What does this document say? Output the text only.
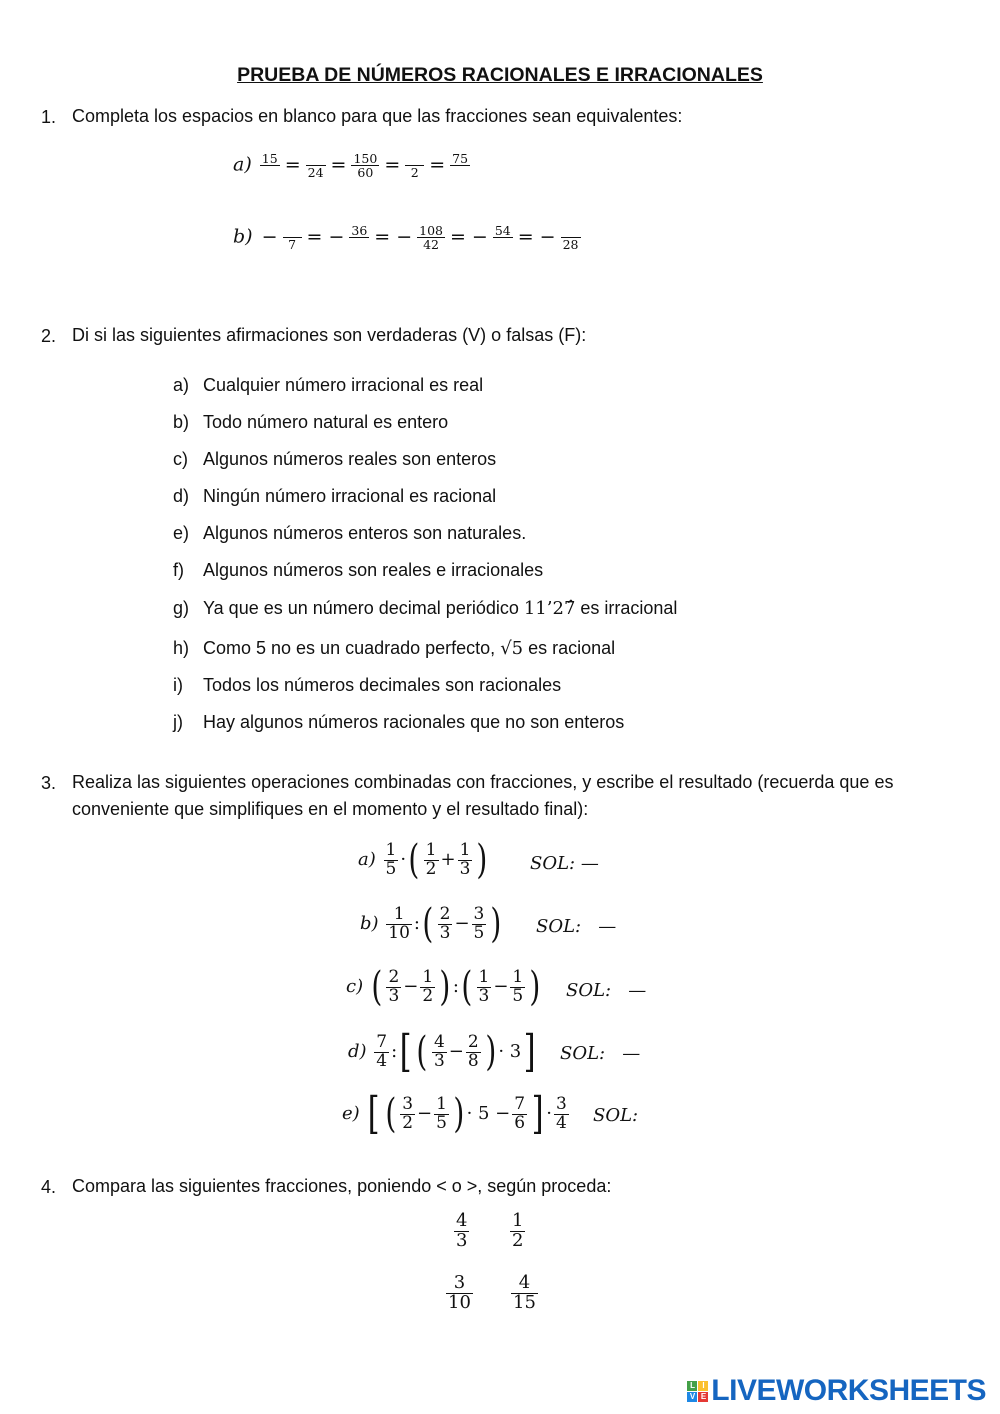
PRUEBA DE NÚMEROS RACIONALES E IRRACIONALES
1. Completa los espacios en blanco para que las fracciones sean equivalentes:
a) $15 = 24 = \frac{150}{60} = 2 = 75$
b) − 7 = − 36 = − $\frac{108}{42}$ = − 54 = − 28
2. Di si las siguientes afirmaciones son verdaderas (V) o falsas (F):
a) Cualquier número irracional es real
b) Todo número natural es entero
c) Algunos números reales son enteros
d) Ningún número irracional es racional
e) Algunos números enteros son naturales.
f) Algunos números son reales e irracionales
g) Ya que es un número decimal periódico 11’27̂ es irracional
h) Como 5 no es un cuadrado perfecto, √5 es racional
i) Todos los números decimales son racionales
j) Hay algunos números racionales que no son enteros
3. Realiza las siguientes operaciones combinadas con fracciones, y escribe el resultado (recuerda que es
conveniente que simplifiques en el momento y el resultado final):
$a) \frac{1}{5}$ ·( $\frac{1}{2} + \frac{1}{3}$ ) SOL: —
$b) \frac{1}{10}$ :( $\frac{2}{3} - \frac{3}{5}$ ) SOL: —
c) ( $\frac{2}{3} - \frac{1}{2}$ ) :( $\frac{1}{3} - \frac{1}{5}$ ) SOL: —
$d) \frac{7}{4}$ :[ ( $\frac{4}{3} - \frac{2}{8}$ ) · 3] SOL: —
e) [ ( $\frac{3}{2} - \frac{1}{5}$ ) · $5 - \frac{7}{6}$ ] · $\frac{3}{4}$ SOL:
4. Compara las siguientes fracciones, poniendo < o >, según proceda:
$\frac{4}{3} \frac{1}{2}$
$\frac{3}{10} \frac{4}{15}$
L I
V E LIVEWORKSHEETS
